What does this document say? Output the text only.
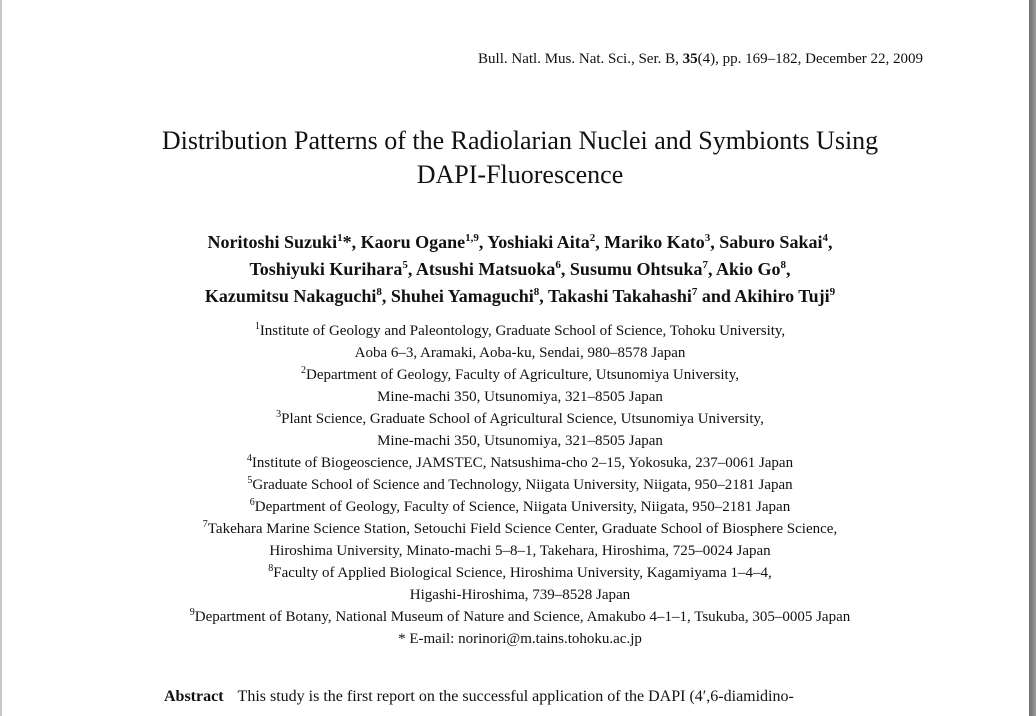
Bull. Natl. Mus. Nat. Sci., Ser. B, 35(4), pp. 169–182, December 22, 2009
Distribution Patterns of the Radiolarian Nuclei and Symbionts Using
DAPI-Fluorescence
Noritoshi Suzuki$^1$*, Kaoru Ogane$^{1,9}$, Yoshiaki Aita$^2$, Mariko Kato$^3$, Saburo Sakai$^4$,
Toshiyuki Kurihara$^5$, Atsushi Matsuoka$^6$, Susumu Ohtsuka$^7$, Akio Go$^8$,
Kazumitsu Nakaguchi$^8$, Shuhei Yamaguchi$^8$, Takashi Takahashi$^7$ and Akihiro Tuji$^9$
$^1$Institute of Geology and Paleontology, Graduate School of Science, Tohoku University,
Aoba 6–3, Aramaki, Aoba-ku, Sendai, 980–8578 Japan
$^2$Department of Geology, Faculty of Agriculture, Utsunomiya University,
Mine-machi 350, Utsunomiya, 321–8505 Japan
$^3$Plant Science, Graduate School of Agricultural Science, Utsunomiya University,
Mine-machi 350, Utsunomiya, 321–8505 Japan
$^4$Institute of Biogeoscience, JAMSTEC, Natsushima-cho 2–15, Yokosuka, 237–0061 Japan
$^5$Graduate School of Science and Technology, Niigata University, Niigata, 950–2181 Japan
$^6$Department of Geology, Faculty of Science, Niigata University, Niigata, 950–2181 Japan
$^7$Takehara Marine Science Station, Setouchi Field Science Center, Graduate School of Biosphere Science,
Hiroshima University, Minato-machi 5–8–1, Takehara, Hiroshima, 725–0024 Japan
$^8$Faculty of Applied Biological Science, Hiroshima University, Kagamiyama 1–4–4,
Higashi-Hiroshima, 739–8528 Japan
$^9$Department of Botany, National Museum of Nature and Science, Amakubo 4–1–1, Tsukuba, 305–0005 Japan
* E-mail: norinori@m.tains.tohoku.ac.jp
Abstract This study is the first report on the successful application of the DAPI (4′,6-diamidino-
